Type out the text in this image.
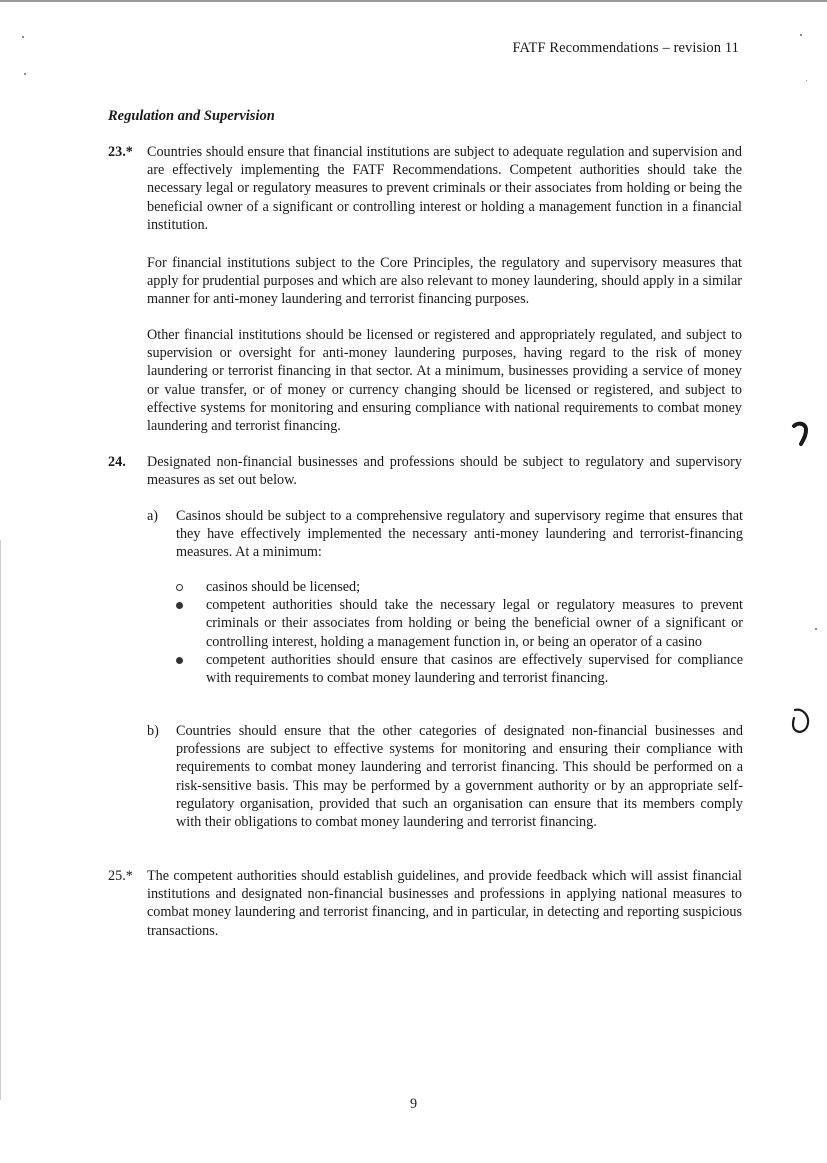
FATF Recommendations – revision 11
Regulation and Supervision
23.* Countries should ensure that financial institutions are subject to adequate regulation and supervision and are effectively implementing the FATF Recommendations. Competent authorities should take the necessary legal or regulatory measures to prevent criminals or their associates from holding or being the beneficial owner of a significant or controlling interest or holding a management function in a financial institution.

For financial institutions subject to the Core Principles, the regulatory and supervisory measures that apply for prudential purposes and which are also relevant to money laundering, should apply in a similar manner for anti-money laundering and terrorist financing purposes.

Other financial institutions should be licensed or registered and appropriately regulated, and subject to supervision or oversight for anti-money laundering purposes, having regard to the risk of money laundering or terrorist financing in that sector. At a minimum, businesses providing a service of money or value transfer, or of money or currency changing should be licensed or registered, and subject to effective systems for monitoring and ensuring compliance with national requirements to combat money laundering and terrorist financing.

24. Designated non-financial businesses and professions should be subject to regulatory and supervisory measures as set out below.

a) Casinos should be subject to a comprehensive regulatory and supervisory regime that ensures that they have effectively implemented the necessary anti-money laundering and terrorist-financing measures. At a minimum:

casinos should be licensed;
competent authorities should take the necessary legal or regulatory measures to prevent criminals or their associates from holding or being the beneficial owner of a significant or controlling interest, holding a management function in, or being an operator of a casino
competent authorities should ensure that casinos are effectively supervised for compliance with requirements to combat money laundering and terrorist financing.
b) Countries should ensure that the other categories of designated non-financial businesses and professions are subject to effective systems for monitoring and ensuring their compliance with requirements to combat money laundering and terrorist financing. This should be performed on a risk-sensitive basis. This may be performed by a government authority or by an appropriate self-regulatory organisation, provided that such an organisation can ensure that its members comply with their obligations to combat money laundering and terrorist financing.

25.* The competent authorities should establish guidelines, and provide feedback which will assist financial institutions and designated non-financial businesses and professions in applying national measures to combat money laundering and terrorist financing, and in particular, in detecting and reporting suspicious transactions.

9
